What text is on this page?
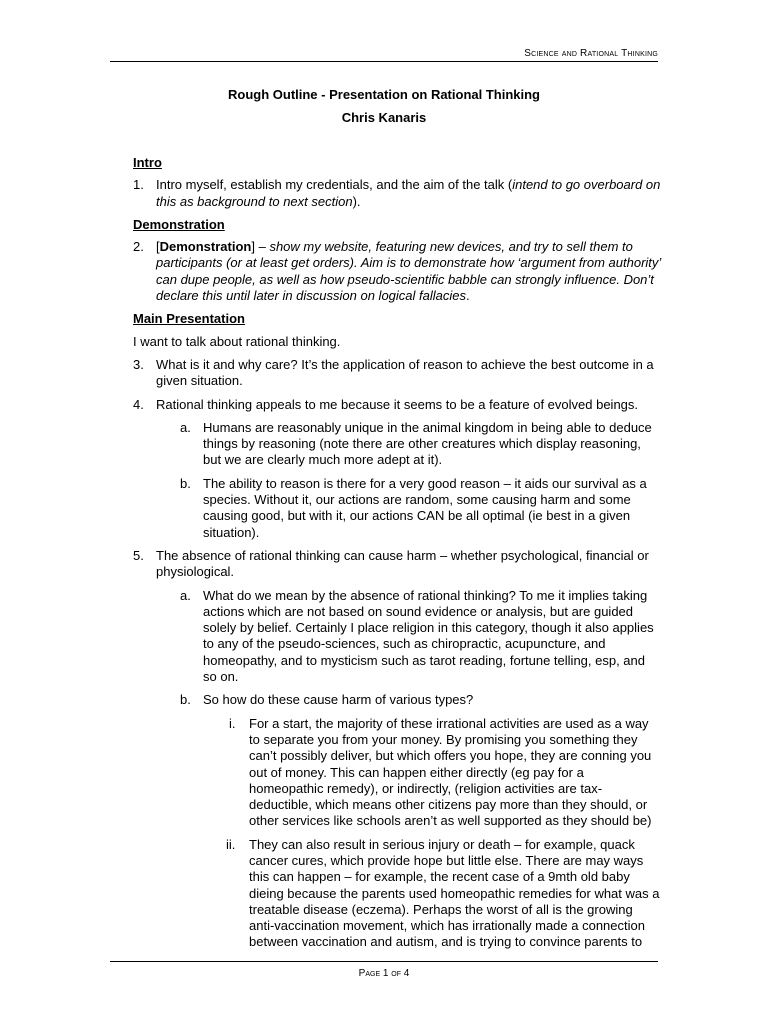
Science and Rational Thinking
Rough Outline - Presentation on Rational Thinking
Chris Kanaris
Intro
1. Intro myself, establish my credentials, and the aim of the talk (intend to go overboard on this as background to next section).
Demonstration
2. [Demonstration] – show my website, featuring new devices, and try to sell them to participants (or at least get orders). Aim is to demonstrate how ‘argument from authority’ can dupe people, as well as how pseudo-scientific babble can strongly influence. Don’t declare this until later in discussion on logical fallacies.
Main Presentation
I want to talk about rational thinking.
3. What is it and why care? It’s the application of reason to achieve the best outcome in a given situation.
4. Rational thinking appeals to me because it seems to be a feature of evolved beings.
a. Humans are reasonably unique in the animal kingdom in being able to deduce things by reasoning (note there are other creatures which display reasoning, but we are clearly much more adept at it).
b. The ability to reason is there for a very good reason – it aids our survival as a species. Without it, our actions are random, some causing harm and some causing good, but with it, our actions CAN be all optimal (ie best in a given situation).
5. The absence of rational thinking can cause harm – whether psychological, financial or physiological.
a. What do we mean by the absence of rational thinking? To me it implies taking actions which are not based on sound evidence or analysis, but are guided solely by belief. Certainly I place religion in this category, though it also applies to any of the pseudo-sciences, such as chiropractic, acupuncture, and homeopathy, and to mysticism such as tarot reading, fortune telling, esp, and so on.
b. So how do these cause harm of various types?
i. For a start, the majority of these irrational activities are used as a way to separate you from your money. By promising you something they can’t possibly deliver, but which offers you hope, they are conning you out of money. This can happen either directly (eg pay for a homeopathic remedy), or indirectly, (religion activities are tax-deductible, which means other citizens pay more than they should, or other services like schools aren’t as well supported as they should be)
ii. They can also result in serious injury or death – for example, quack cancer cures, which provide hope but little else. There are may ways this can happen – for example, the recent case of a 9mth old baby dieing because the parents used homeopathic remedies for what was a treatable disease (eczema). Perhaps the worst of all is the growing anti-vaccination movement, which has irrationally made a connection between vaccination and autism, and is trying to convince parents to
Page 1 of 4
